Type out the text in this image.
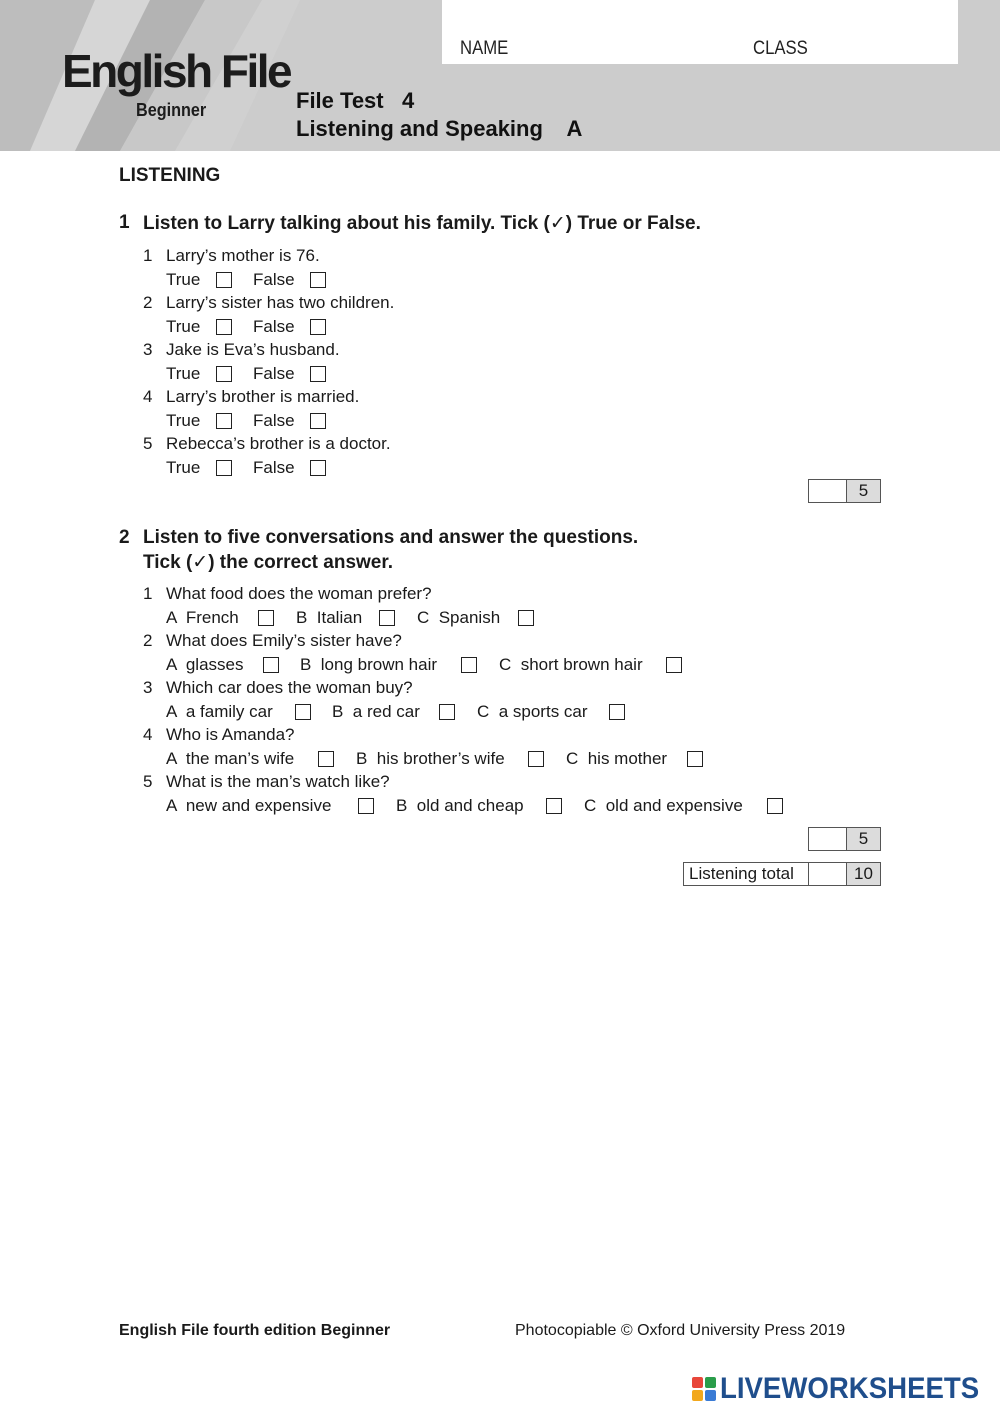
NAME	CLASS
English File
Beginner	File Test   4
Listening and Speaking    A
LISTENING
1 Listen to Larry talking about his family. Tick (✓) True or False.
1 Larry’s mother is 76.
True	False
2 Larry’s sister has two children.
True	False
3 Jake is Eva’s husband.
True	False
4 Larry’s brother is married.
True	False
5 Rebecca’s brother is a doctor.
True	False
5
2 Listen to five conversations and answer the questions.
Tick (✓) the correct answer.
1 What food does the woman prefer?
A  French	B  Italian	C  Spanish
2 What does Emily’s sister have?
A  glasses	B  long brown hair	C  short brown hair
3 Which car does the woman buy?
A  a family car	B  a red car	C  a sports car
4 Who is Amanda?
A  the man’s wife	B  his brother’s wife	C  his mother
5 What is the man’s watch like?
A  new and expensive	B  old and cheap	C  old and expensive
5
Listening total	10
English File fourth edition Beginner	Photocopiable © Oxford University Press 2019
LIVEWORKSHEETS
